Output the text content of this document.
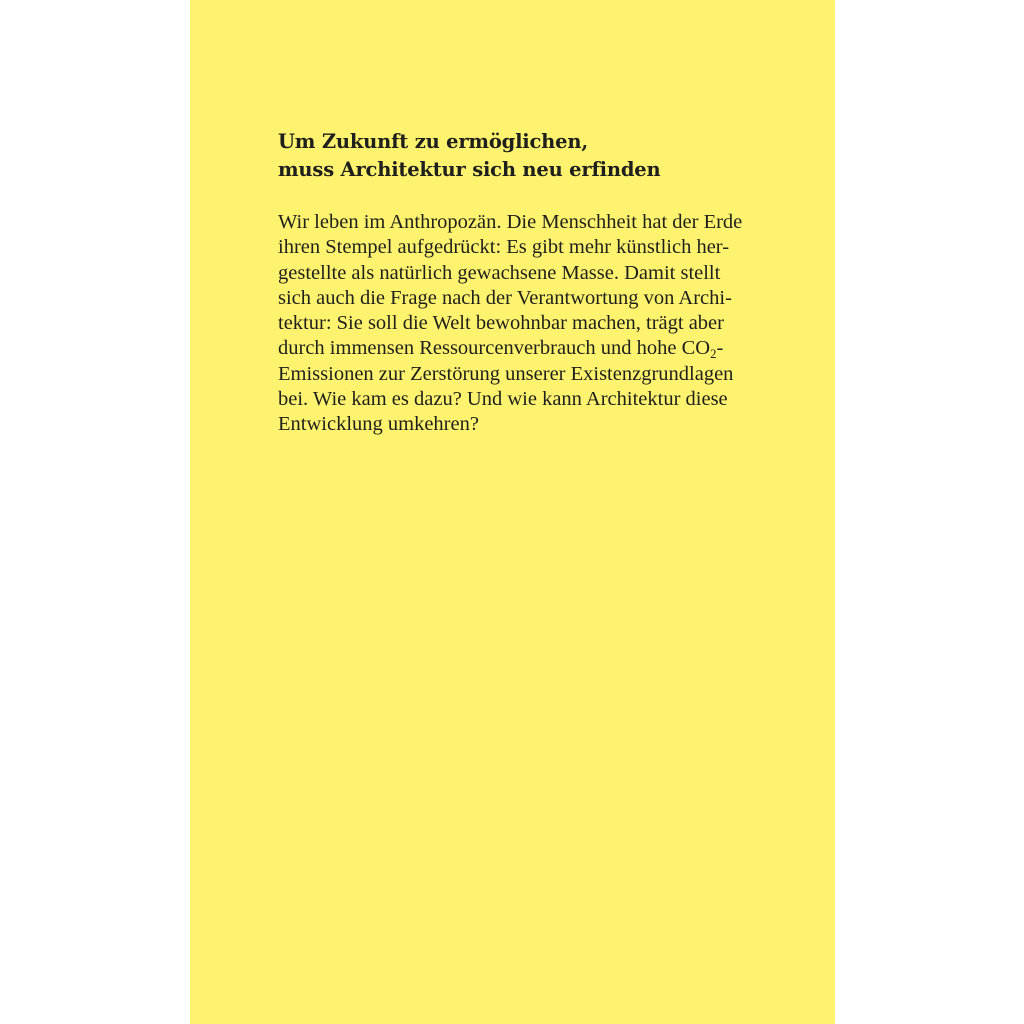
Um Zukunft zu ermöglichen,
muss Architektur sich neu erfinden
Wir leben im Anthropozän. Die Menschheit hat der Erde
ihren Stempel aufgedrückt: Es gibt mehr künstlich her-
gestellte als natürlich gewachsene Masse. Damit stellt
sich auch die Frage nach der Verantwortung von Archi-
tektur: Sie soll die Welt bewohnbar machen, trägt aber
durch immensen Ressourcenverbrauch und hohe $CO_2-$
Emissionen zur Zerstörung unserer Existenzgrundlagen
bei. Wie kam es dazu? Und wie kann Architektur diese
Entwicklung umkehren?
